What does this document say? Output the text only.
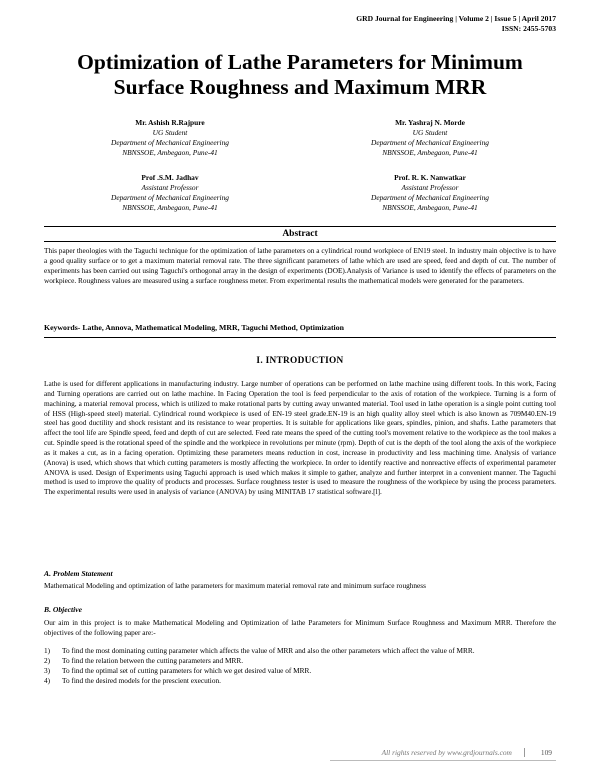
GRD Journal for Engineering | Volume 2 | Issue 5 | April 2017
ISSN: 2455-5703
Optimization of Lathe Parameters for Minimum
Surface Roughness and Maximum MRR
Mr. Ashish R.Rajpure
UG Student
Department of Mechanical Engineering
NBNSSOE, Ambegaon, Pune-41
Mr. Yashraj N. Morde
UG Student
Department of Mechanical Engineering
NBNSSOE, Ambegaon, Pune-41
Prof .S.M. Jadhav
Assistant Professor
Department of Mechanical Engineering
NBNSSOE, Ambegaon, Pune-41
Prof. R. K. Nanwatkar
Assistant Professor
Department of Mechanical Engineering
NBNSSOE, Ambegaon, Pune-41
Abstract
This paper theologies with the Taguchi technique for the optimization of lathe parameters on a cylindrical round workpiece of EN19 steel. In industry main objective is to have a good quality surface or to get a maximum material removal rate. The three significant parameters of lathe which are used are speed, feed and depth of cut. The number of experiments has been carried out using Taguchi's orthogonal array in the design of experiments (DOE).Analysis of Variance is used to identify the effects of parameters on the workpiece. Roughness values are measured using a surface roughness meter. From experimental results the mathematical models were generated for the parameters.
Keywords- Lathe, Annova, Mathematical Modeling, MRR, Taguchi Method, Optimization
I. INTRODUCTION
Lathe is used for different applications in manufacturing industry. Large number of operations can be performed on lathe machine using different tools. In this work, Facing and Turning operations are carried out on lathe machine. In Facing Operation the tool is feed perpendicular to the axis of rotation of the workpiece. Turning is a form of machining, a material removal process, which is utilized to make rotational parts by cutting away unwanted material. Tool used in lathe operation is a single point cutting tool of HSS (High-speed steel) material. Cylindrical round workpiece is used of EN-19 steel grade.EN-19 is an high quality alloy steel which is also known as 709M40.EN-19 steel has good ductility and shock resistant and its resistance to wear properties. It is suitable for applications like gears, spindles, pinion, and shafts. Lathe parameters that affect the tool life are Spindle speed, feed and depth of cut are selected. Feed rate means the speed of the cutting tool's movement relative to the workpiece as the tool makes a cut. Spindle speed is the rotational speed of the spindle and the workpiece in revolutions per minute (rpm). Depth of cut is the depth of the tool along the axis of the workpiece as it makes a cut, as in a facing operation. Optimizing these parameters means reduction in cost, increase in productivity and less machining time. Analysis of variance (Anova) is used, which shows that which cutting parameters is mostly affecting the workpiece. In order to identify reactive and nonreactive effects of experimental parameter ANOVA is used. Design of Experiments using Taguchi approach is used which makes it simple to gather, analyze and further interpret in a convenient manner. The Taguchi method is used to improve the quality of products and processes. Surface roughness tester is used to measure the roughness of the workpiece by using the process parameters. The experimental results were used in analysis of variance (ANOVA) by using MINITAB 17 statistical software.[l].
A. Problem Statement
Mathematical Modeling and optimization of lathe parameters for maximum material removal rate and minimum surface roughness
B. Objective
Our aim in this project is to make Mathematical Modeling and Optimization of lathe Parameters for Minimum Surface Roughness and Maximum MRR. Therefore the objectives of the following paper are:-
1)	To find the most dominating cutting parameter which affects the value of MRR and also the other parameters which affect the value of MRR.
2)	To find the relation between the cutting parameters and MRR.
3)	To find the optimal set of cutting parameters for which we get desired value of MRR.
4)	To find the desired models for the prescient execution.
All rights reserved by www.grdjournals.com	109
